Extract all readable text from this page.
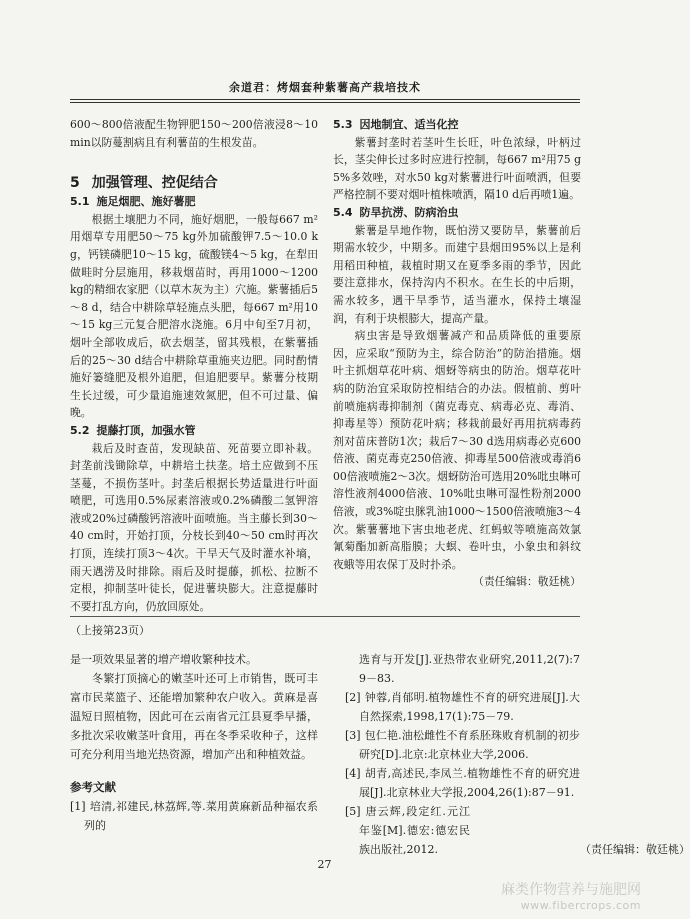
余道君：烤烟套种紫薯高产栽培技术

600～800倍液配生物钾肥150～200倍液浸8～10 min以防蔓割病且有利薯苗的生根发苗。

5 加强管理、控促结合
5.1 施足烟肥、施好薯肥

根据土壤肥力不同，施好烟肥，一般每667 m²用烟草专用肥50～75 kg外加硫酸钾7.5～10.0 kg，钙镁磷肥10～15 kg，硫酸镁4～5 kg，在犁田做畦时分层施用，移栽烟苗时，再用1000～1200 kg的精细农家肥（以草木灰为主）穴施。紫薯插后5～8 d，结合中耕除草轻施点头肥，每667 m²用10～15 kg三元复合肥溶水浇施。6月中旬至7月初，烟叶全部收成后，砍去烟茎，留其残根，在紫薯插后的25～30 d结合中耕除草重施夹边肥。同时酌情施好篓缝肥及根外追肥，但追肥要早。紫薯分枝期生长过缓，可少量追施速效氮肥，但不可过量、偏晚。

5.2 提藤打顶，加强水管

栽后及时查苗，发现缺苗、死苗要立即补栽。封垄前浅锄除草，中耕培土扶垄。培土应做到不压茎蔓，不损伤茎叶。封垄后根据长势适量进行叶面喷肥，可选用0.5%尿素溶液或0.2%磷酸二氢钾溶液或20%过磷酸钙溶液叶面喷施。当主藤长到30～40 cm时，开始打顶，分枝长到40～50 cm时再次打顶，连续打顶3～4次。干旱天气及时灌水补墒，雨天遇涝及时排除。雨后及时提藤，抓松、拉断不定根，抑制茎叶徒长，促进薯块膨大。注意提藤时不要打乱方向，仍放回原处。

5.3 因地制宜、适当化控

紫薯封垄时若茎叶生长旺，叶色浓绿，叶柄过长，茎尖伸长过多时应进行控制，每667 m²用75 g5%多效唑，对水50 kg对紫薯进行叶面喷洒，但要严格控制不要对烟叶植株喷洒，隔10 d后再喷1遍。

5.4 防旱抗涝、防病治虫

紫薯是旱地作物，既怕涝又要防旱，紫薯前后期需水较少，中期多。而建宁县烟田95%以上是利用稻田种植，栽植时期又在夏季多雨的季节，因此要注意排水，保持沟内不积水。在生长的中后期，需水较多，遇干旱季节，适当灌水，保持土壤湿润，有利于块根膨大，提高产量。

病虫害是导致烟薯减产和品质降低的重要原因，应采取“预防为主，综合防治”的防治措施。烟叶主抓烟草花叶病、烟蚜等病虫的防治。烟草花叶病的防治宜采取防控相结合的办法。假植前、剪叶前喷施病毒抑制剂（菌克毒克、病毒必克、毒消、抑毒星等）预防花叶病；移栽前最好再用抗病毒药剂对苗床普防1次；栽后7～30 d选用病毒必克600倍液、菌克毒克250倍液、抑毒星500倍液或毒消600倍液喷施2～3次。烟蚜防治可选用20%吡虫啉可溶性液剂4000倍液、10%吡虫啉可湿性粉剂2000倍液，或3%啶虫脒乳油1000～1500倍液喷施3～4次。紫薯薯地下害虫地老虎、红蚂蚁等喷施高效氯氰菊酯加新高脂膜；大螟、卷叶虫，小象虫和斜纹夜蛾等用农保丁及时扑杀。

（责任编辑：敬廷桃）

（上接第23页）

是一项效果显著的增产增收繁种技术。

冬繁打顶摘心的嫩茎叶还可上市销售，既可丰富市民菜篮子、还能增加繁种农户收入。黄麻是喜温短日照植物，因此可在云南省元江县夏季早播，多批次采收嫩茎叶食用，再在冬季采收种子，这样可充分利用当地光热资源，增加产出和种植效益。

参考文献

[1] 培清,祁建民,林荔辉,等.菜用黄麻新品种福农系列的

选育与开发[J].亚热带农业研究,2011,2(7):79－83.

[2] 钟蓉,肖郁明.植物雄性不育的研究进展[J].大自然探索,1998,17(1):75－79.

[3] 包仁艳.油松雌性不育系胚珠败育机制的初步研究[D].北京:北京林业大学,2006.

[4] 胡青,高述民,李凤兰.植物雄性不育的研究进展[J].北京林业大学报,2004,26(1):87－91.

[5] 唐云辉,段定红.元江年鉴[M].德宏:德宏民族出版社,2012.	（责任编辑：敬廷桃）

27
麻类作物营养与施肥网
www.fibercrops.com
